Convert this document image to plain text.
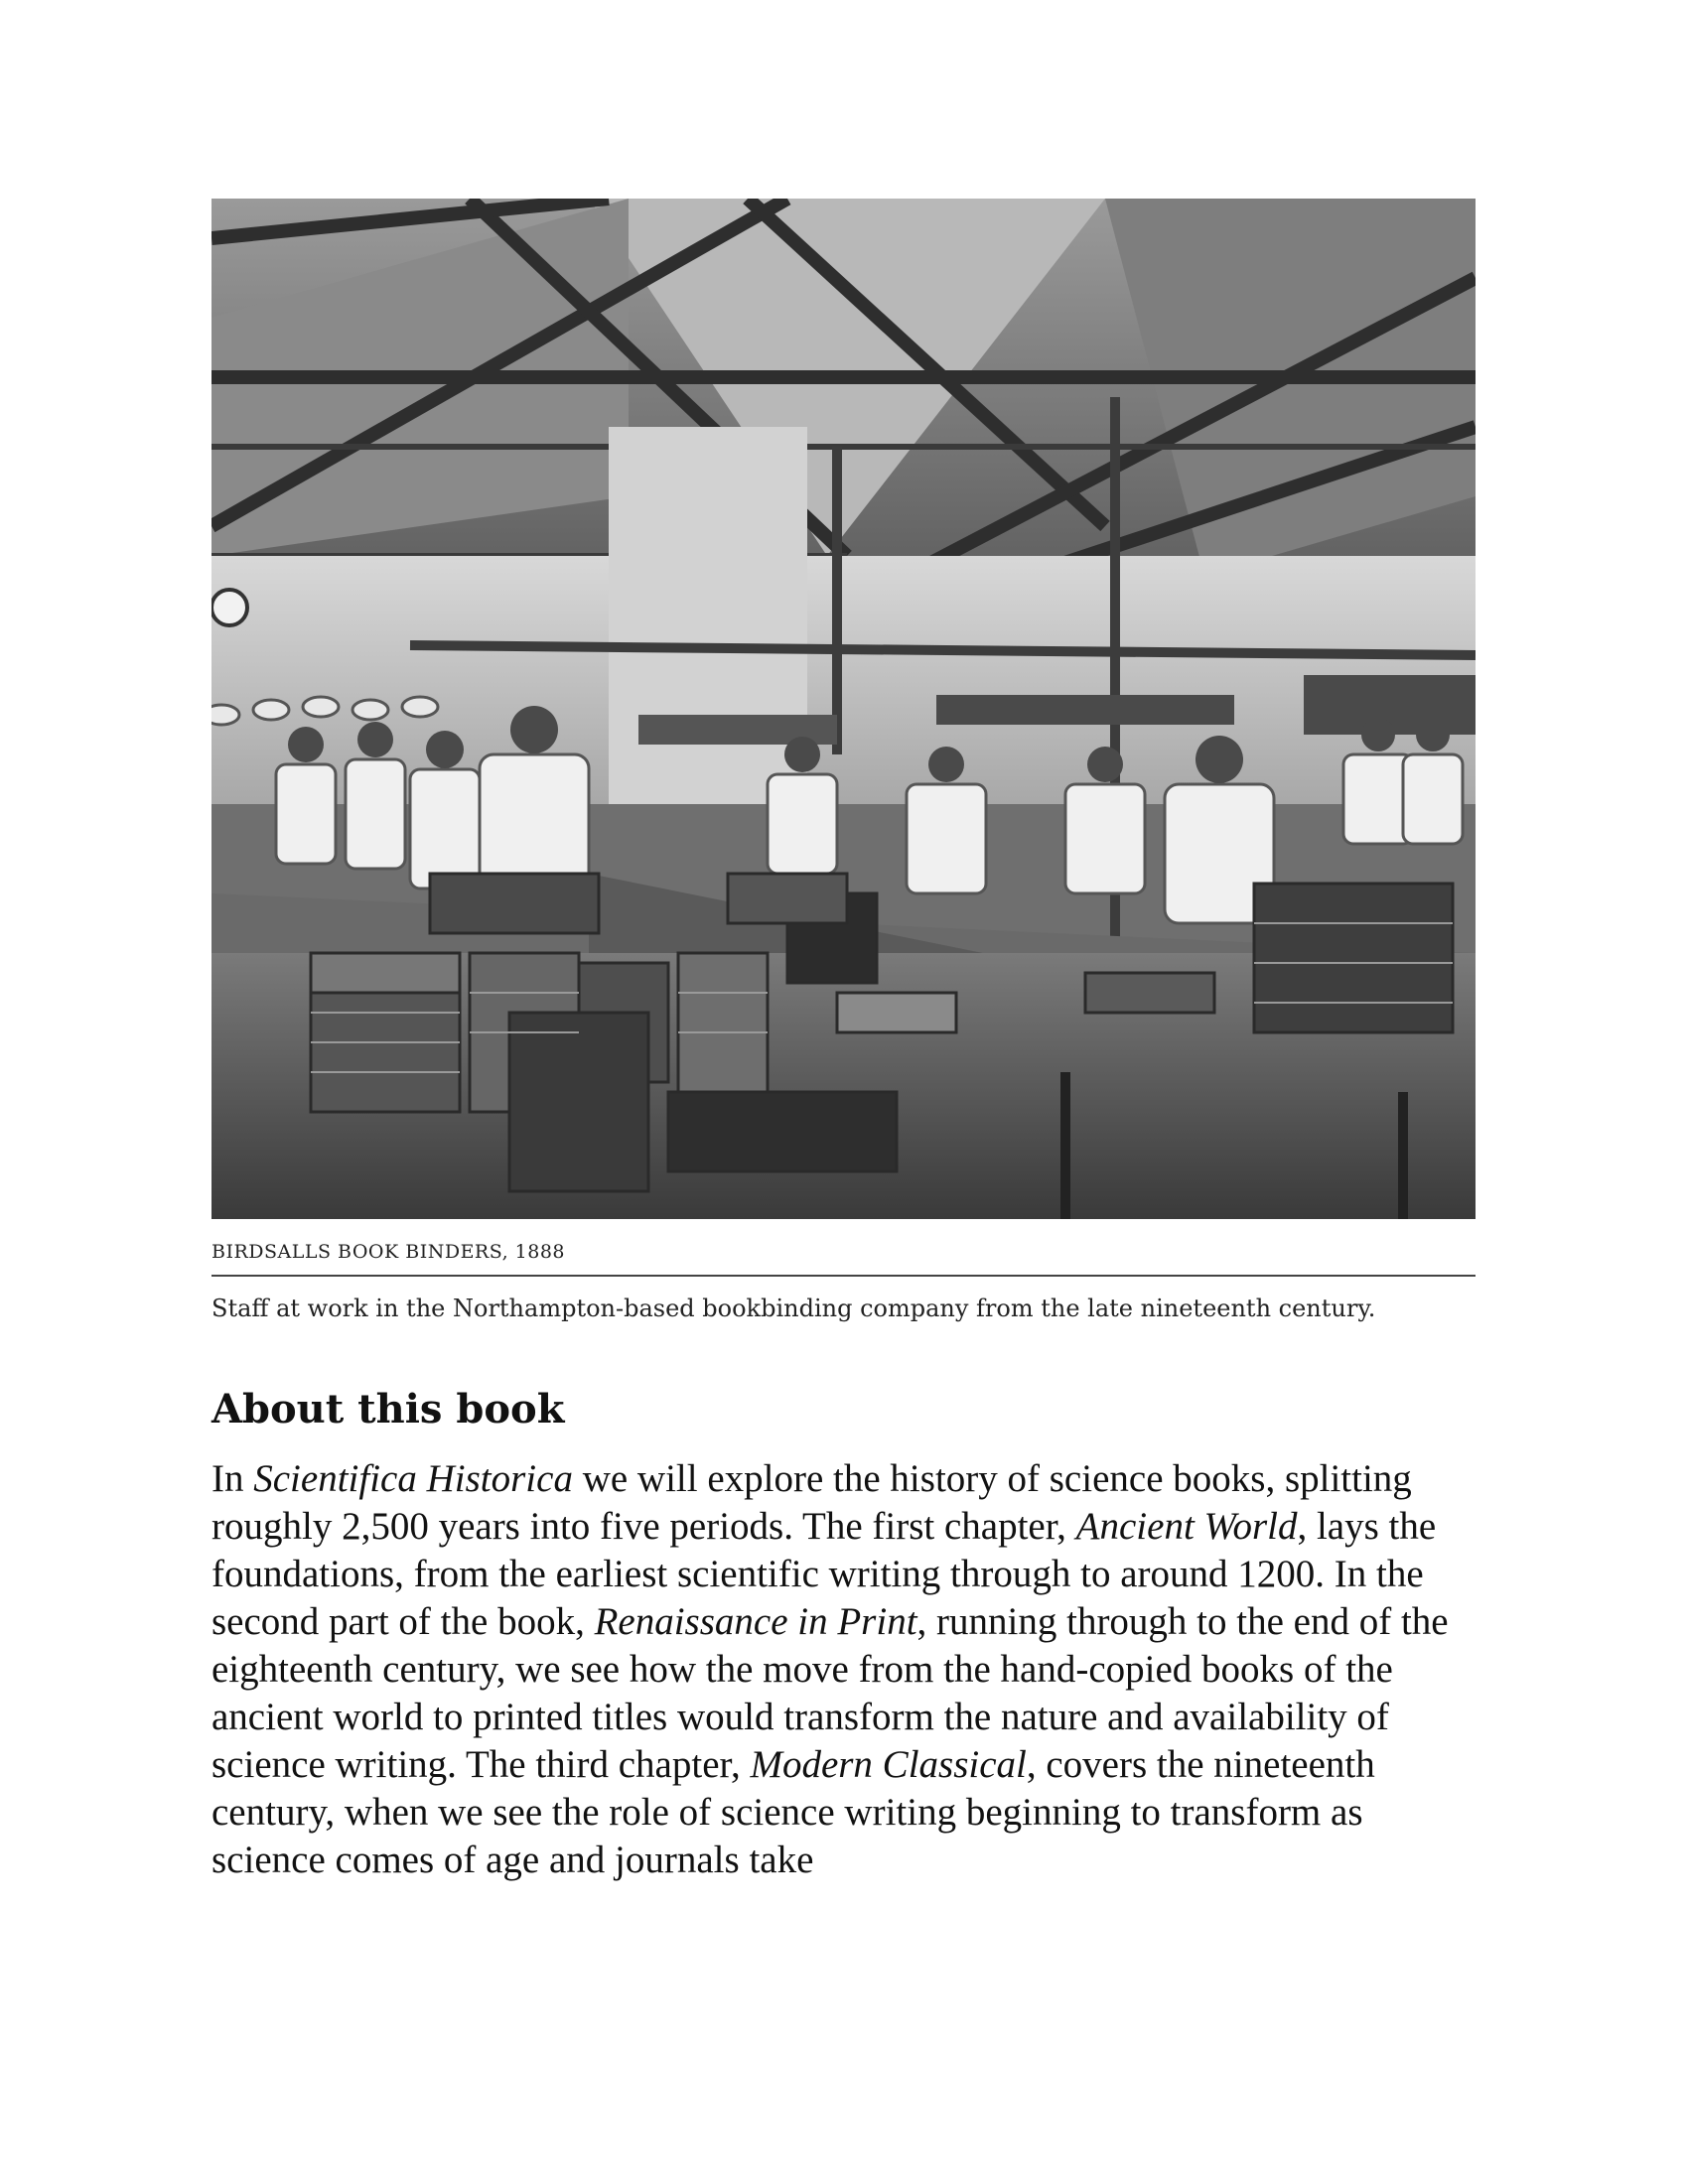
BIRDSALLS BOOK BINDERS, 1888
Staff at work in the Northampton-based bookbinding company from the late nineteenth century.
About this book
In Scientifica Historica we will explore the history of science books, splitting roughly 2,500 years into five periods. The first chapter, Ancient World, lays the foundations, from the earliest scientific writing through to around 1200. In the second part of the book, Renaissance in Print, running through to the end of the eighteenth century, we see how the move from the hand-copied books of the ancient world to printed titles would transform the nature and availability of science writing. The third chapter, Modern Classical, covers the nineteenth century, when we see the role of science writing beginning to transform as science comes of age and journals take
